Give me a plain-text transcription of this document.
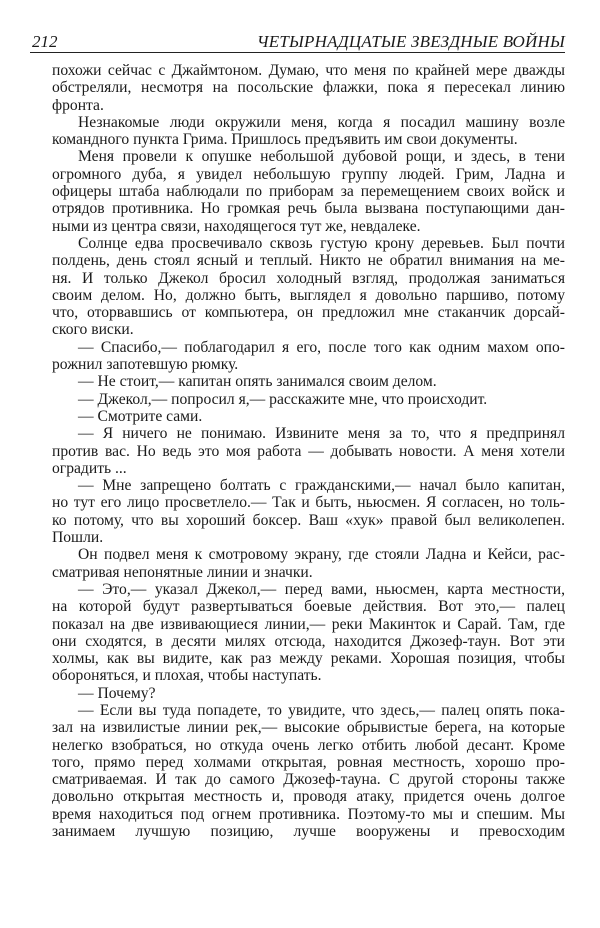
212	ЧЕТЫРНАДЦАТЫЕ ЗВЕЗДНЫЕ ВОЙНЫ
похожи сейчас с Джаймтоном. Думаю, что меня по крайней мере дважды
обстреляли, несмотря на посольские флажки, пока я пересекал линию
фронта.
Незнакомые люди окружили меня, когда я посадил машину возле
командного пункта Грима. Пришлось предъявить им свои документы.
Меня провели к опушке небольшой дубовой рощи, и здесь, в тени
огромного дуба, я увидел небольшую группу людей. Грим, Ладна и
офицеры штаба наблюдали по приборам за перемещением своих войск и
отрядов противника. Но громкая речь была вызвана поступающими дан-
ными из центра связи, находящегося тут же, невдалеке.
Солнце едва просвечивало сквозь густую крону деревьев. Был почти
полдень, день стоял ясный и теплый. Никто не обратил внимания на ме-
ня. И только Джекол бросил холодный взгляд, продолжая заниматься
своим делом. Но, должно быть, выглядел я довольно паршиво, потому
что, оторвавшись от компьютера, он предложил мне стаканчик дорсай-
ского виски.
— Спасибо,— поблагодарил я его, после того как одним махом опо-
рожнил запотевшую рюмку.
— Не стоит,— капитан опять занимался своим делом.
— Джекол,— попросил я,— расскажите мне, что происходит.
— Смотрите сами.
— Я ничего не понимаю. Извините меня за то, что я предпринял
против вас. Но ведь это моя работа — добывать новости. А меня хотели
оградить ...
— Мне запрещено болтать с гражданскими,— начал было капитан,
но тут его лицо просветлело.— Так и быть, ньюсмен. Я согласен, но толь-
ко потому, что вы хороший боксер. Ваш «хук» правой был великолепен.
Пошли.
Он подвел меня к смотровому экрану, где стояли Ладна и Кейси, рас-
сматривая непонятные линии и значки.
— Это,— указал Джекол,— перед вами, ньюсмен, карта местности,
на которой будут развертываться боевые действия. Вот это,— палец
показал на две извивающиеся линии,— реки Макинток и Сарай. Там, где
они сходятся, в десяти милях отсюда, находится Джозеф-таун. Вот эти
холмы, как вы видите, как раз между реками. Хорошая позиция, чтобы
обороняться, и плохая, чтобы наступать.
— Почему?
— Если вы туда попадете, то увидите, что здесь,— палец опять пока-
зал на извилистые линии рек,— высокие обрывистые берега, на которые
нелегко взобраться, но откуда очень легко отбить любой десант. Кроме
того, прямо перед холмами открытая, ровная местность, хорошо про-
сматриваемая. И так до самого Джозеф-тауна. С другой стороны также
довольно открытая местность и, проводя атаку, придется очень долгое
время находиться под огнем противника. Поэтому-то мы и спешим. Мы
занимаем лучшую позицию, лучше вооружены и превосходим
